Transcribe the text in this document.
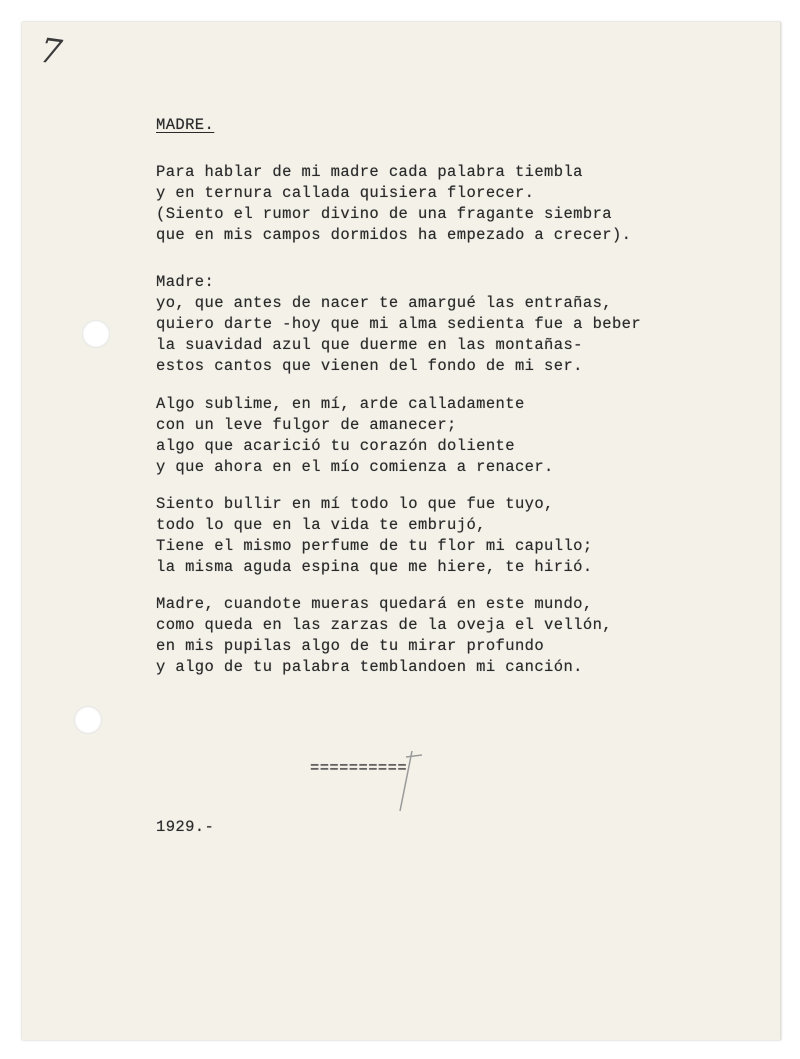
7
MADRE.
Para hablar de mi madre cada palabra tiembla
y en ternura callada quisiera florecer.
(Siento el rumor divino de una fragante siembra
que en mis campos dormidos ha empezado a crecer).
Madre:
yo, que antes de nacer te amargué las entrañas,
quiero darte -hoy que mi alma sedienta fue a beber
la suavidad azul que duerme en las montañas-
estos cantos que vienen del fondo de mi ser.
Algo sublime, en mí, arde calladamente
con un leve fulgor de amanecer;
algo que acarició tu corazón doliente
y que ahora en el mío comienza a renacer.
Siento bullir en mí todo lo que fue tuyo,
todo lo que en la vida te embrujó,
Tiene el mismo perfume de tu flor mi capullo;
la misma aguda espina que me hiere, te hirió.
Madre, cuandote mueras quedará en este mundo,
como queda en las zarzas de la oveja el vellón,
en mis pupilas algo de tu mirar profundo
y algo de tu palabra temblandoen mi canción.
==========
1929.-
